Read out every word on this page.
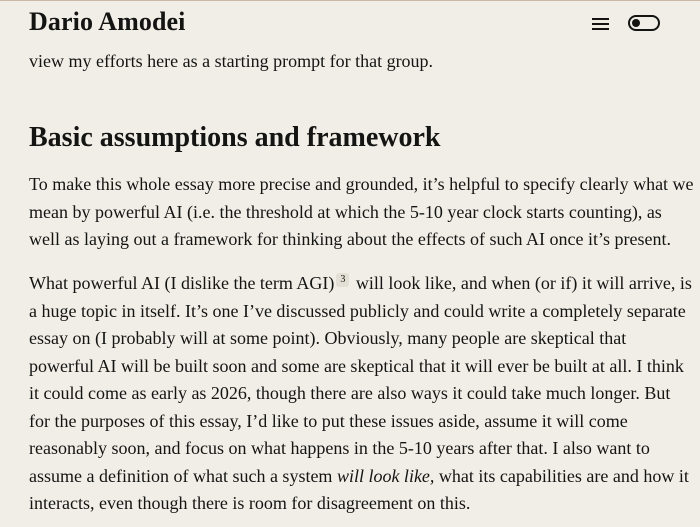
Dario Amodei

view my efforts here as a starting prompt for that group.

Basic assumptions and framework
To make this whole essay more precise and grounded, it’s helpful to specify clearly what we
mean by powerful AI (i.e. the threshold at which the 5-10 year clock starts counting), as
well as laying out a framework for thinking about the effects of such AI once it’s present.
What powerful AI (I dislike the term AGI) $^3$ will look like, and when (or if) it will arrive, is
a huge topic in itself. It’s one I’ve discussed publicly and could write a completely separate
essay on (I probably will at some point). Obviously, many people are skeptical that
powerful AI will be built soon and some are skeptical that it will ever be built at all. I think
it could come as early as 2026, though there are also ways it could take much longer. But
for the purposes of this essay, I’d like to put these issues aside, assume it will come
reasonably soon, and focus on what happens in the 5-10 years after that. I also want to
assume a definition of what such a system will look like, what its capabilities are and how it
interacts, even though there is room for disagreement on this.
